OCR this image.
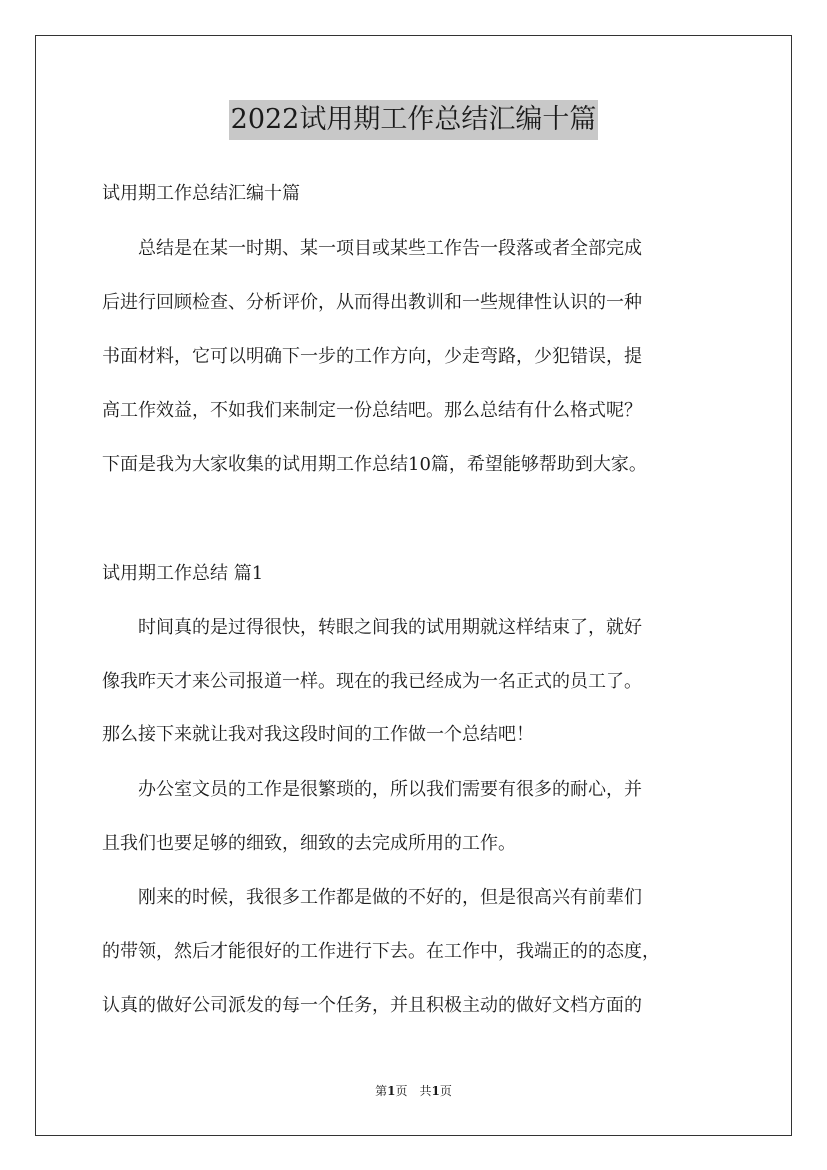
2022试用期工作总结汇编十篇
试用期工作总结汇编十篇
　　总结是在某一时期、某一项目或某些工作告一段落或者全部完成
后进行回顾检查、分析评价，从而得出教训和一些规律性认识的一种
书面材料，它可以明确下一步的工作方向，少走弯路，少犯错误，提
高工作效益，不如我们来制定一份总结吧。那么总结有什么格式呢？
下面是我为大家收集的试用期工作总结10篇，希望能够帮助到大家。
试用期工作总结 篇1
　　时间真的是过得很快，转眼之间我的试用期就这样结束了，就好
像我昨天才来公司报道一样。现在的我已经成为一名正式的员工了。
那么接下来就让我对我这段时间的工作做一个总结吧！
　　办公室文员的工作是很繁琐的，所以我们需要有很多的耐心，并
且我们也要足够的细致，细致的去完成所用的工作。
　　刚来的时候，我很多工作都是做的不好的，但是很高兴有前辈们
的带领，然后才能很好的工作进行下去。在工作中，我端正的的态度，
认真的做好公司派发的每一个任务，并且积极主动的做好文档方面的
第1页　共1页
